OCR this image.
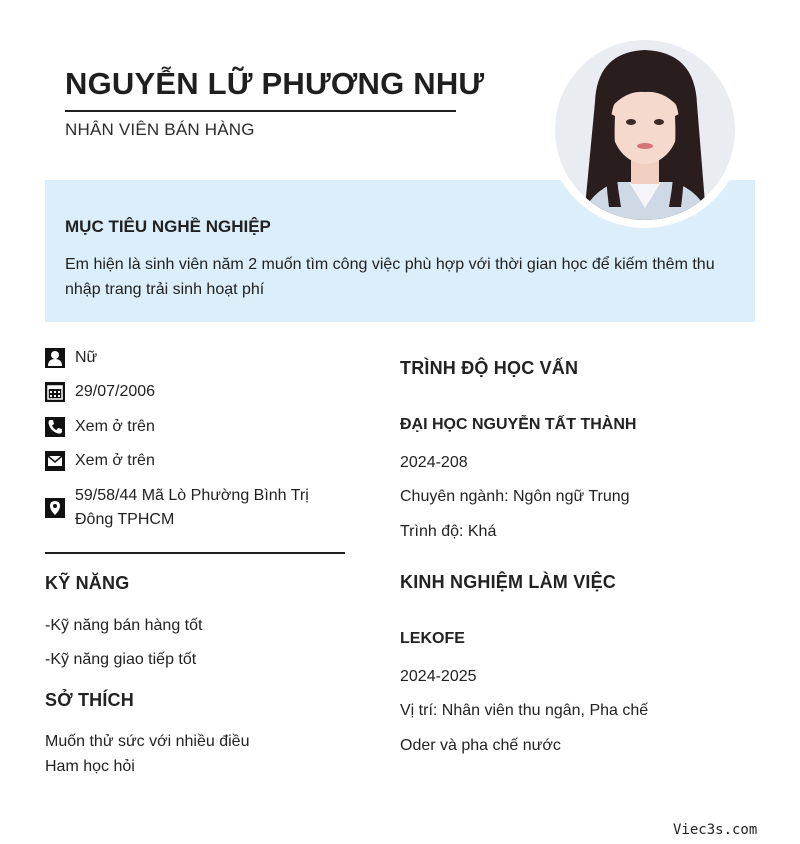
NGUYỄN LỮ PHƯƠNG NHƯ
NHÂN VIÊN BÁN HÀNG
MỤC TIÊU NGHỀ NGHIỆP
Em hiện là sinh viên năm 2 muốn tìm công việc phù hợp với thời gian học để kiếm thêm thu nhập trang trải sinh hoạt phí
Nữ
29/07/2006
Xem ở trên
Xem ở trên
59/58/44 Mã Lò Phường Bình Trị Đông TPHCM
KỸ NĂNG
-Kỹ năng bán hàng tốt
-Kỹ năng giao tiếp tốt
SỞ THÍCH
Muốn thử sức với nhiều điều
Ham học hỏi
TRÌNH ĐỘ HỌC VẤN
ĐẠI HỌC NGUYỄN TẤT THÀNH
2024-208
Chuyên ngành: Ngôn ngữ Trung
Trình độ: Khá
KINH NGHIỆM LÀM VIỆC
LEKOFE
2024-2025
Vị trí: Nhân viên thu ngân, Pha chế
Oder và pha chế nước
Viec3s.com
